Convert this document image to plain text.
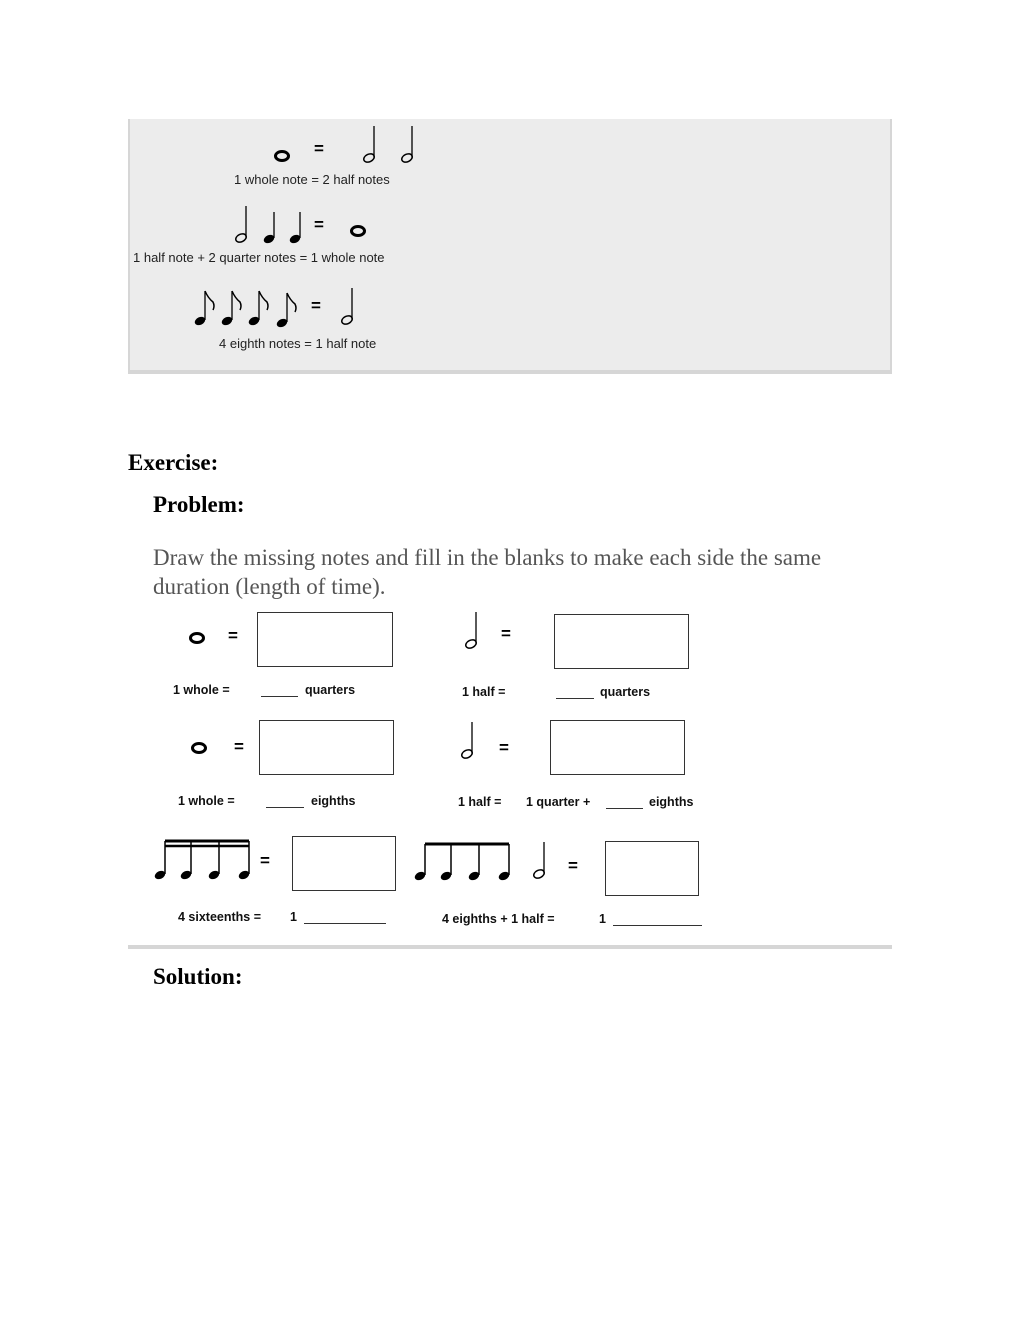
=
1 whole note = 2 half notes
=
1 half note + 2 quarter notes = 1 whole note
=
4 eighth notes = 1 half note
Exercise:
Problem:
Draw the missing notes and fill in the blanks to make each side the same duration (length of time).
=
1 whole =	quarters
=
1 half =	quarters
=
1 whole =	eighths
=
1 half = 1 quarter +	eighths
=
4 sixteenths = 1
=
4 eighths + 1 half =	1
Solution:
